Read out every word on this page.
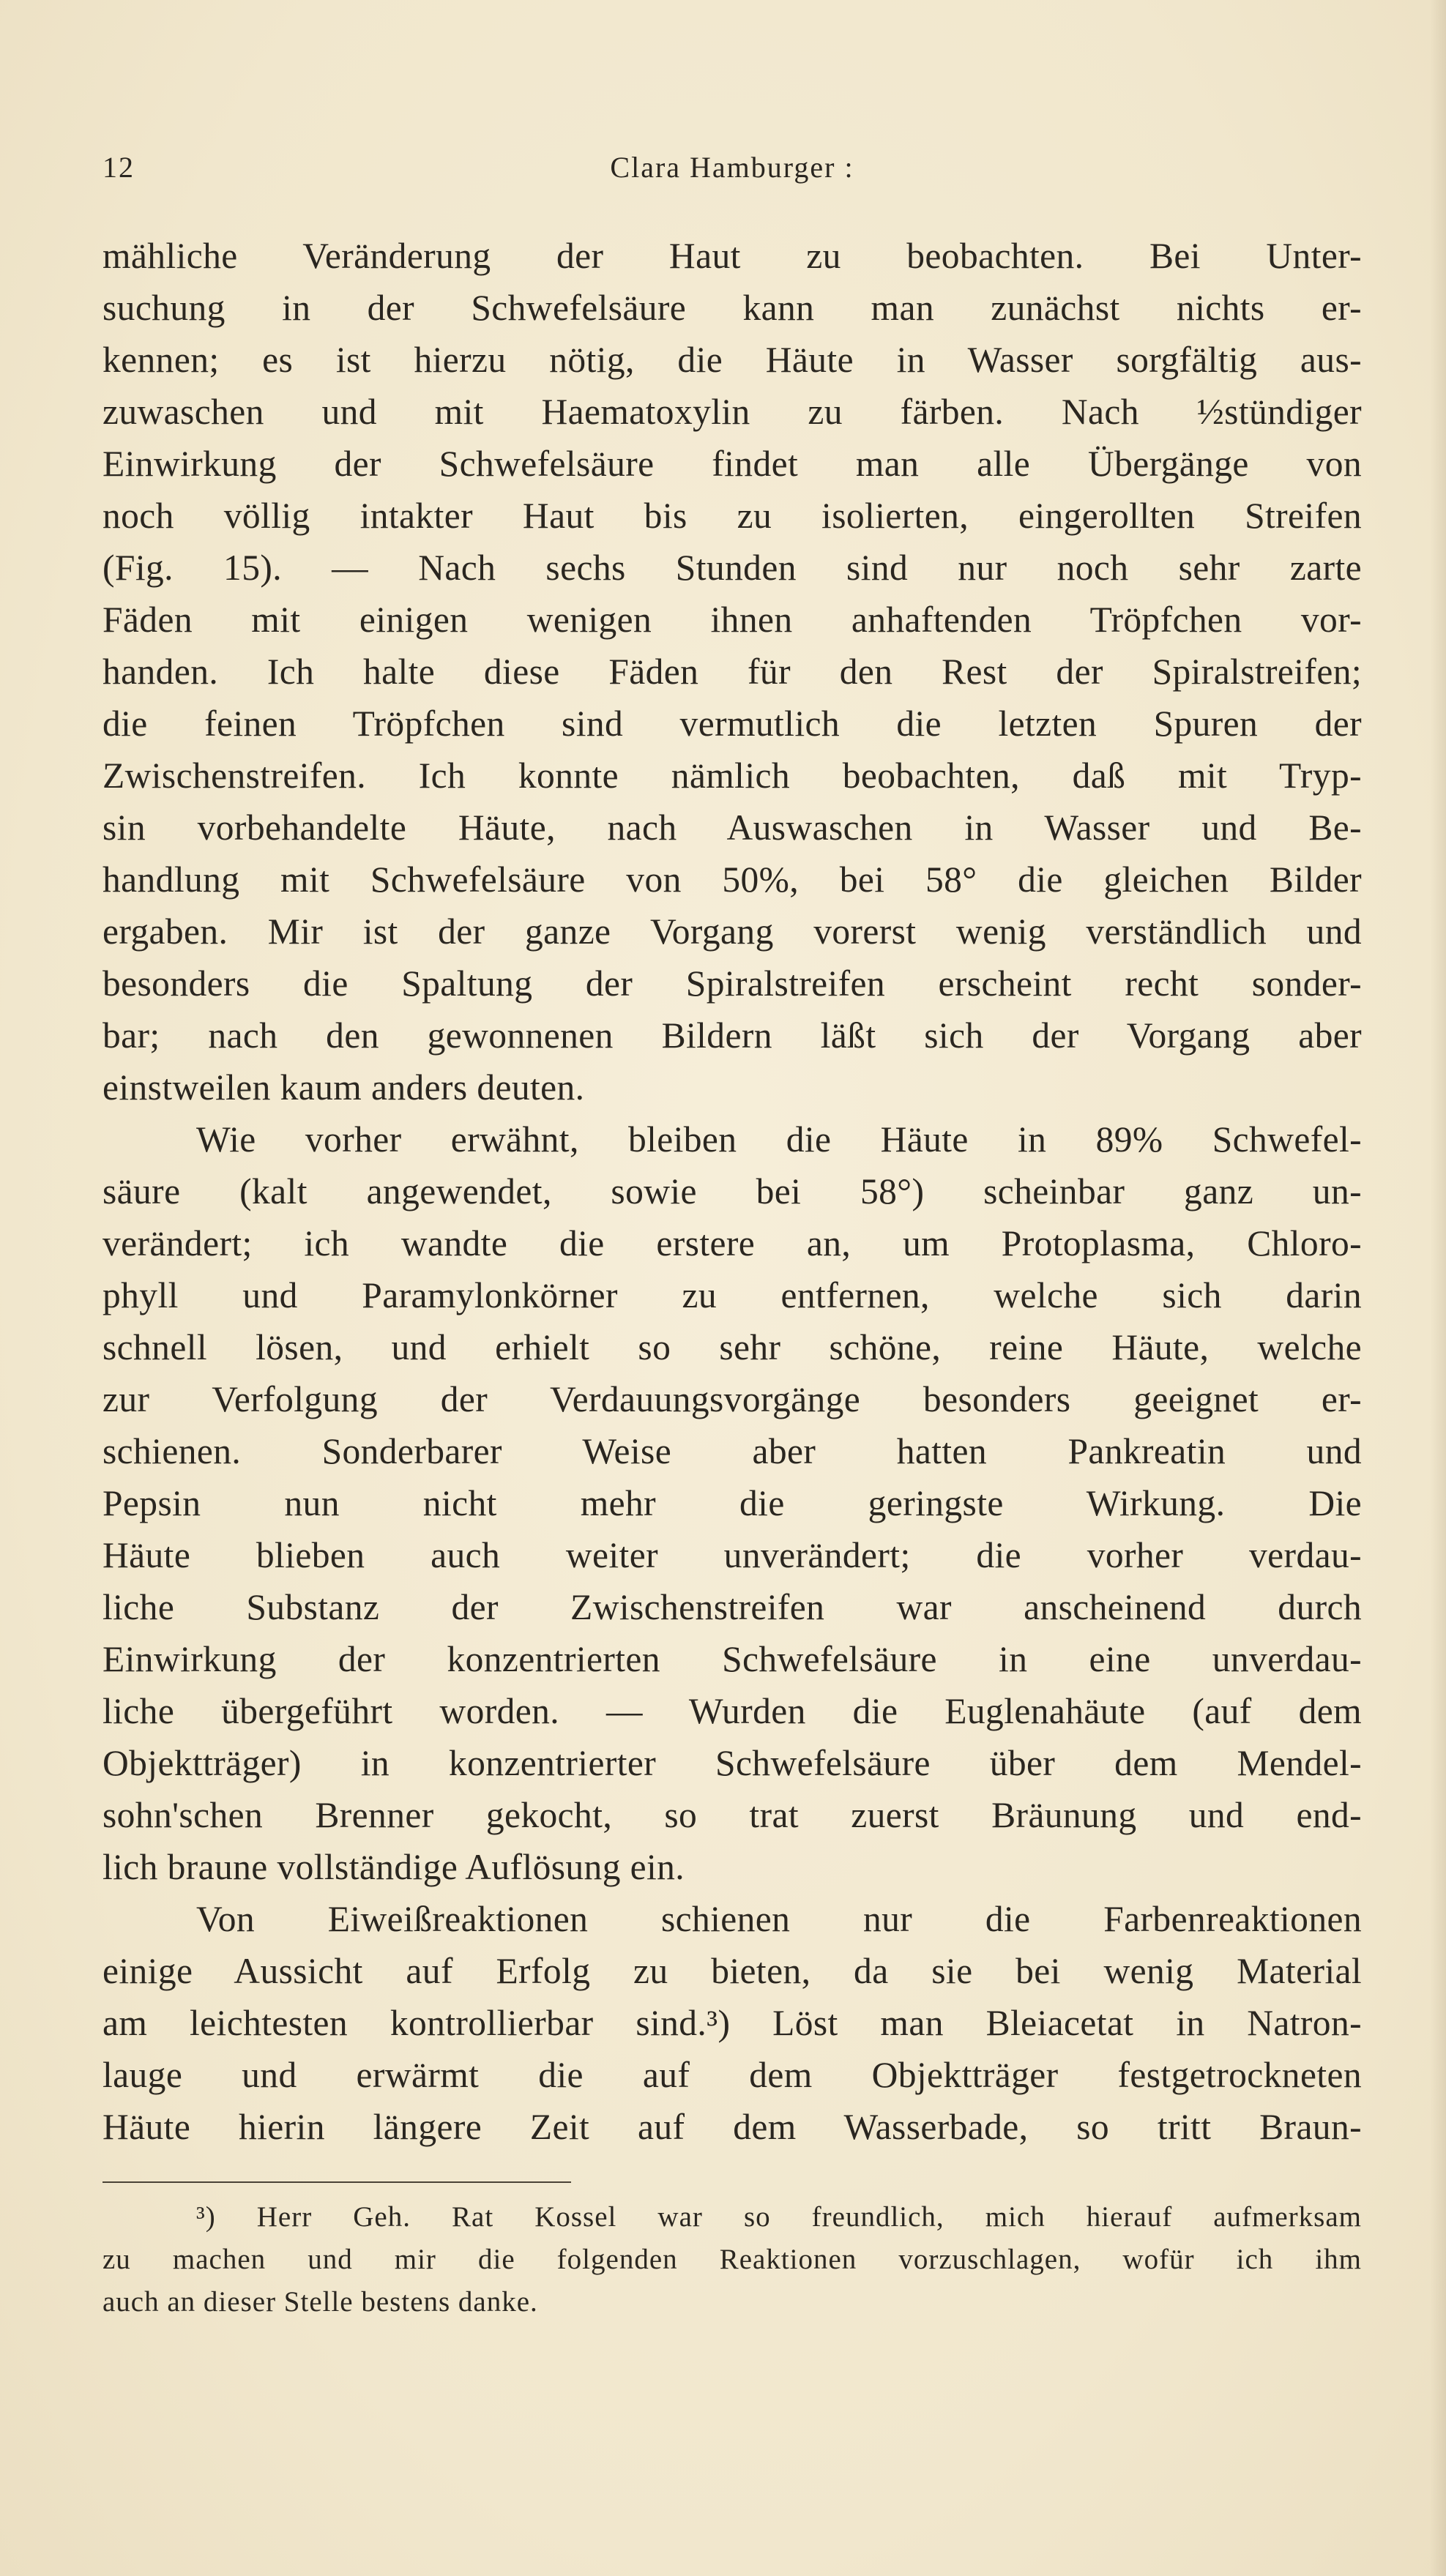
12	Clara Hamburger :
mähliche Veränderung der Haut zu beobachten. Bei Unter-
suchung in der Schwefelsäure kann man zunächst nichts er-
kennen; es ist hierzu nötig, die Häute in Wasser sorgfältig aus-
zuwaschen und mit Haematoxylin zu färben. Nach ½stündiger
Einwirkung der Schwefelsäure findet man alle Übergänge von
noch völlig intakter Haut bis zu isolierten, eingerollten Streifen
(Fig. 15). — Nach sechs Stunden sind nur noch sehr zarte
Fäden mit einigen wenigen ihnen anhaftenden Tröpfchen vor-
handen. Ich halte diese Fäden für den Rest der Spiralstreifen;
die feinen Tröpfchen sind vermutlich die letzten Spuren der
Zwischenstreifen. Ich konnte nämlich beobachten, daß mit Tryp-
sin vorbehandelte Häute, nach Auswaschen in Wasser und Be-
handlung mit Schwefelsäure von 50%, bei 58° die gleichen Bilder
ergaben. Mir ist der ganze Vorgang vorerst wenig verständlich und
besonders die Spaltung der Spiralstreifen erscheint recht sonder-
bar; nach den gewonnenen Bildern läßt sich der Vorgang aber
einstweilen kaum anders deuten.
Wie vorher erwähnt, bleiben die Häute in 89% Schwefel-
säure (kalt angewendet, sowie bei 58°) scheinbar ganz un-
verändert; ich wandte die erstere an, um Protoplasma, Chloro-
phyll und Paramylonkörner zu entfernen, welche sich darin
schnell lösen, und erhielt so sehr schöne, reine Häute, welche
zur Verfolgung der Verdauungsvorgänge besonders geeignet er-
schienen. Sonderbarer Weise aber hatten Pankreatin und
Pepsin nun nicht mehr die geringste Wirkung. Die
Häute blieben auch weiter unverändert; die vorher verdau-
liche Substanz der Zwischenstreifen war anscheinend durch
Einwirkung der konzentrierten Schwefelsäure in eine unverdau-
liche übergeführt worden. — Wurden die Euglenahäute (auf dem
Objektträger) in konzentrierter Schwefelsäure über dem Mendel-
sohn'schen Brenner gekocht, so trat zuerst Bräunung und end-
lich braune vollständige Auflösung ein.
Von Eiweißreaktionen schienen nur die Farbenreaktionen
einige Aussicht auf Erfolg zu bieten, da sie bei wenig Material
am leichtesten kontrollierbar sind.³) Löst man Bleiacetat in Natron-
lauge und erwärmt die auf dem Objektträger festgetrockneten
Häute hierin längere Zeit auf dem Wasserbade, so tritt Braun-
³) Herr Geh. Rat Kossel war so freundlich, mich hierauf aufmerksam
zu machen und mir die folgenden Reaktionen vorzuschlagen, wofür ich ihm
auch an dieser Stelle bestens danke.
